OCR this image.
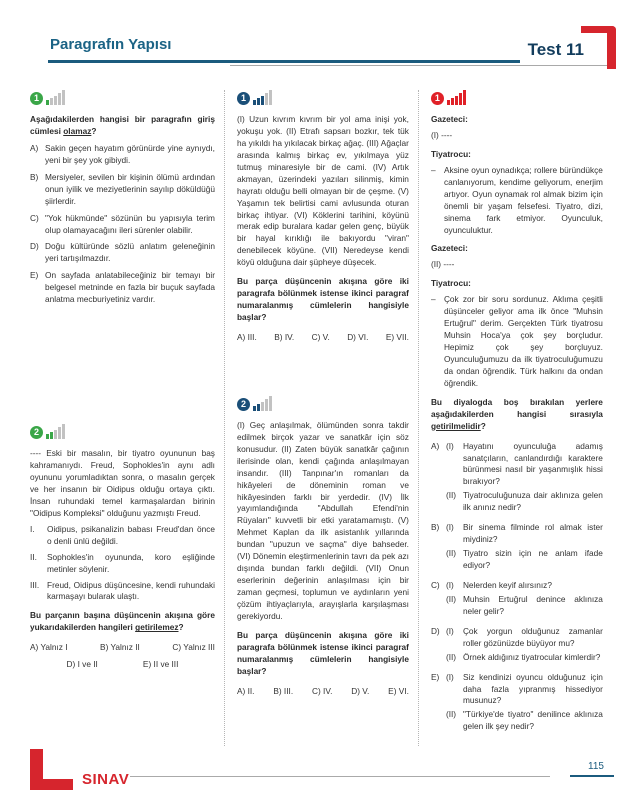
Paragrafın Yapısı	Test 11
1

Aşağıdakilerden hangisi bir paragrafın giriş cümlesi olamaz?

A) Sakin geçen hayatım görünürde yine aynıydı, yeni bir şey yok gibiydi.
B) Mersiyeler, sevilen bir kişinin ölümü ardından onun iyilik ve meziyetlerinin sayılıp döküldüğü şiirlerdir.
C) "Yok hükmünde" sözünün bu yapısıyla terim olup olamayacağını ileri sürenler olabilir.
D) Doğu kültüründe sözlü anlatım geleneğinin yeri tartışılmazdır.
E) On sayfada anlatabileceğiniz bir temayı bir belgesel metninde en fazla bir buçuk sayfada anlatma mecburiyetiniz vardır.
2

---- Eski bir masalın, bir tiyatro oyununun baş kahramanıydı. Freud, Sophokles'in aynı adlı oyununu yorumladıktan sonra, o masalın gerçek ve her insanın bir Oidipus olduğu ortaya çıktı. İnsan ruhundaki temel karmaşalardan birinin "Oidipus Kompleksi" olduğunu yazmıştı Freud.

I.	Oidipus, psikanalizin babası Freud'dan önce o denli ünlü değildi.
II.	Sophokles'in oyununda, koro eşliğinde metinler söylenir.
III. Freud, Oidipus düşüncesine, kendi ruhundaki karmaşayı bularak ulaştı.

Bu parçanın başına düşüncenin akışına göre yukarıdakilerden hangileri getirilemez?

A) Yalnız I	B) Yalnız II	C) Yalnız III
D) I ve II	E) II ve III
1

(I) Uzun kıvrım kıvrım bir yol ama inişi yok, yokuşu yok. (II) Etrafı sapsarı bozkır, tek tük ha yıkıldı ha yıkılacak birkaç ağaç. (III) Ağaçlar arasında kalmış birkaç ev, yıkılmaya yüz tutmuş minaresiyle bir de cami. (IV) Artık akmayan, üzerindeki yazıları silinmiş, kimin hayratı olduğu belli olmayan bir de çeşme. (V) Yaşamın tek belirtisi cami avlusunda oturan birkaç ihtiyar. (VI) Köklerini tarihini, köyünü merak edip buralara kadar gelen genç, büyük bir hayal kırıklığı ile bakıyordu "viran" denebilecek köyüne. (VII) Neredeyse kendi köyü olduğuna dair şüpheye düşecek.

Bu parça düşüncenin akışına göre iki paragrafa bölünmek istense ikinci paragraf numaralanmış cümlelerin hangisiyle başlar?

A) III. B) IV. C) V. D) VI. E) VII.
2

(I) Geç anlaşılmak, ölümünden sonra takdir edilmek birçok yazar ve sanatkâr için söz konusudur. (II) Zaten büyük sanatkâr çağının ilerisinde olan, kendi çağında anlaşılmayan insandır. (III) Tanpınar'ın romanları da hikâyeleri de döneminin roman ve hikâyesinden farklı bir yerdedir. (IV) İlk yayımlandığında "Abdullah Efendi'nin Rüyaları" kuvvetli bir etki yaratamamıştı. (V) Mehmet Kaplan da ilk asistanlık yıllarında bundan "upuzun ve saçma" diye bahseder. (VI) Dönemin eleştirmenlerinin tavrı da pek azı dışında bundan farklı değildi. (VII) Onun eserlerinin değerinin anlaşılması için bir zaman geçmesi, toplumun ve aydınların yeni çözüm ihtiyaçlarıyla, arayışlarla karşılaşması gerekiyordu.

Bu parça düşüncenin akışına göre iki paragrafa bölünmek istense ikinci paragraf numaralanmış cümlelerin hangisiyle başlar?

A) II. B) III. C) IV. D) V. E) VI.
1

Gazeteci:

(I) ----

Tiyatrocu:

–	Aksine oyun oynadıkça; rollere büründükçe canlanıyorum, kendime geliyorum, enerjim artıyor. Oyun oynamak rol almak bizim için önemli bir yaşam felsefesi. Tiyatro, dizi, sinema fark etmiyor. Oyunculuk, oyunculuktur.

Gazeteci:

(II) ----

Tiyatrocu:

–	Çok zor bir soru sordunuz. Aklıma çeşitli düşünceler geliyor ama ilk önce "Muhsin Ertuğrul" derim. Gerçekten Türk tiyatrosu Muhsin Hoca'ya çok şey borçludur. Hepimiz çok şey borçluyuz. Oyunculuğumuzu da ilk tiyatroculuğumuzu da ondan öğrendik. Türk halkını da ondan öğrendik.

Bu diyalogda boş bırakılan yerlere aşağıdakilerden hangisi sırasıyla getirilmelidir?

A) (I)	Hayatını oyunculuğa adamış sanatçıların, canlandırdığı karaktere bürünmesi nasıl bir yaşanmışlık hissi bırakıyor?
(II) Tiyatroculuğunuza dair aklınıza gelen ilk anınız nedir?
B) (I)	Bir sinema filminde rol almak ister miydiniz?
(II) Tiyatro sizin için ne anlam ifade ediyor?
C) (I)	Nelerden keyif alırsınız?
(II) Muhsin Ertuğrul denince aklınıza neler gelir?
D) (I)	Çok yorgun olduğunuz zamanlar roller gözünüzde büyüyor mu?
(II) Örnek aldığınız tiyatrocular kimlerdir?
E) (I)	Siz kendinizi oyuncu olduğunuz için daha fazla yıpranmış hissediyor musunuz?
(II) "Türkiye'de tiyatro" denilince aklınıza gelen ilk şey nedir?
SINAV
115
